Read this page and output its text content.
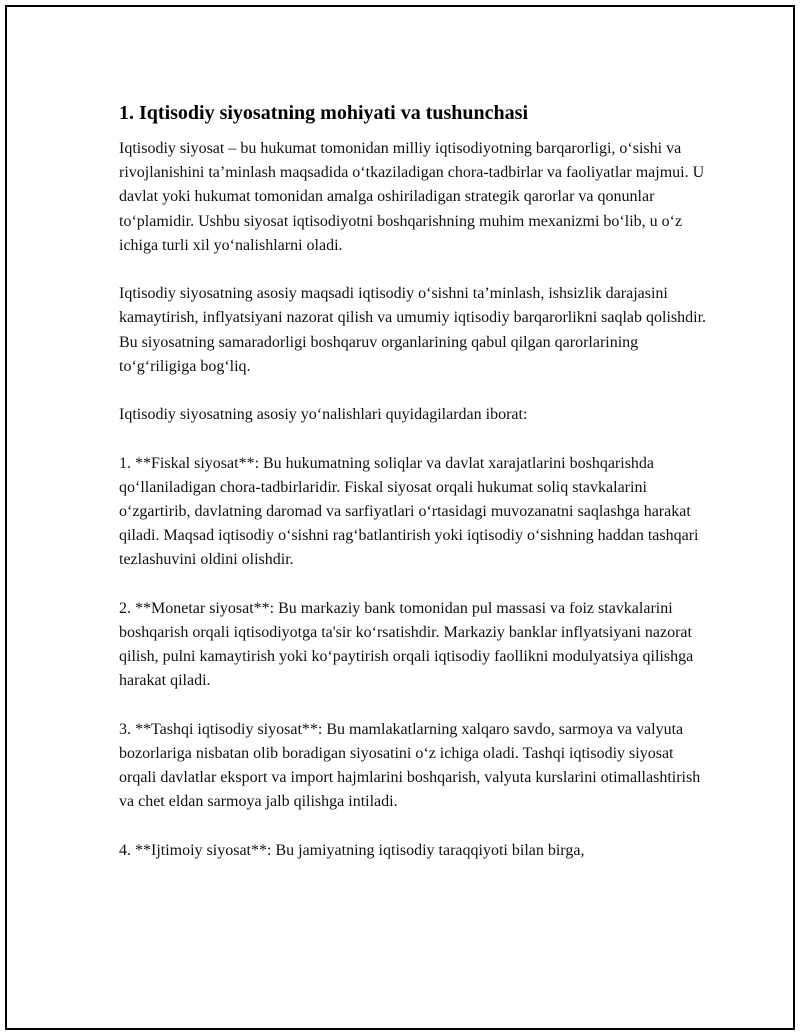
1. Iqtisodiy siyosatning mohiyati va tushunchasi

Iqtisodiy siyosat – bu hukumat tomonidan milliy iqtisodiyotning barqarorligi, o‘sishi va rivojlanishini ta’minlash maqsadida o‘tkaziladigan chora-tadbirlar va faoliyatlar majmui. U davlat yoki hukumat tomonidan amalga oshiriladigan strategik qarorlar va qonunlar to‘plamidir. Ushbu siyosat iqtisodiyotni boshqarishning muhim mexanizmi bo‘lib, u o‘z ichiga turli xil yo‘nalishlarni oladi.

Iqtisodiy siyosatning asosiy maqsadi iqtisodiy o‘sishni ta’minlash, ishsizlik darajasini kamaytirish, inflyatsiyani nazorat qilish va umumiy iqtisodiy barqarorlikni saqlab qolishdir. Bu siyosatning samaradorligi boshqaruv organlarining qabul qilgan qarorlarining to‘g‘riligiga bog‘liq.

Iqtisodiy siyosatning asosiy yo‘nalishlari quyidagilardan iborat:

1. **Fiskal siyosat**: Bu hukumatning soliqlar va davlat xarajatlarini boshqarishda qo‘llaniladigan chora-tadbirlaridir. Fiskal siyosat orqali hukumat soliq stavkalarini o‘zgartirib, davlatning daromad va sarfiyatlari o‘rtasidagi muvozanatni saqlashga harakat qiladi. Maqsad iqtisodiy o‘sishni rag‘batlantirish yoki iqtisodiy o‘sishning haddan tashqari tezlashuvini oldini olishdir.

2. **Monetar siyosat**: Bu markaziy bank tomonidan pul massasi va foiz stavkalarini boshqarish orqali iqtisodiyotga ta'sir ko‘rsatishdir. Markaziy banklar inflyatsiyani nazorat qilish, pulni kamaytirish yoki ko‘paytirish orqali iqtisodiy faollikni modulyatsiya qilishga harakat qiladi.

3. **Tashqi iqtisodiy siyosat**: Bu mamlakatlarning xalqaro savdo, sarmoya va valyuta bozorlariga nisbatan olib boradigan siyosatini o‘z ichiga oladi. Tashqi iqtisodiy siyosat orqali davlatlar eksport va import hajmlarini boshqarish, valyuta kurslarini otimallashtirish va chet eldan sarmoya jalb qilishga intiladi.

4. **Ijtimoiy siyosat**: Bu jamiyatning iqtisodiy taraqqiyoti bilan birga,
